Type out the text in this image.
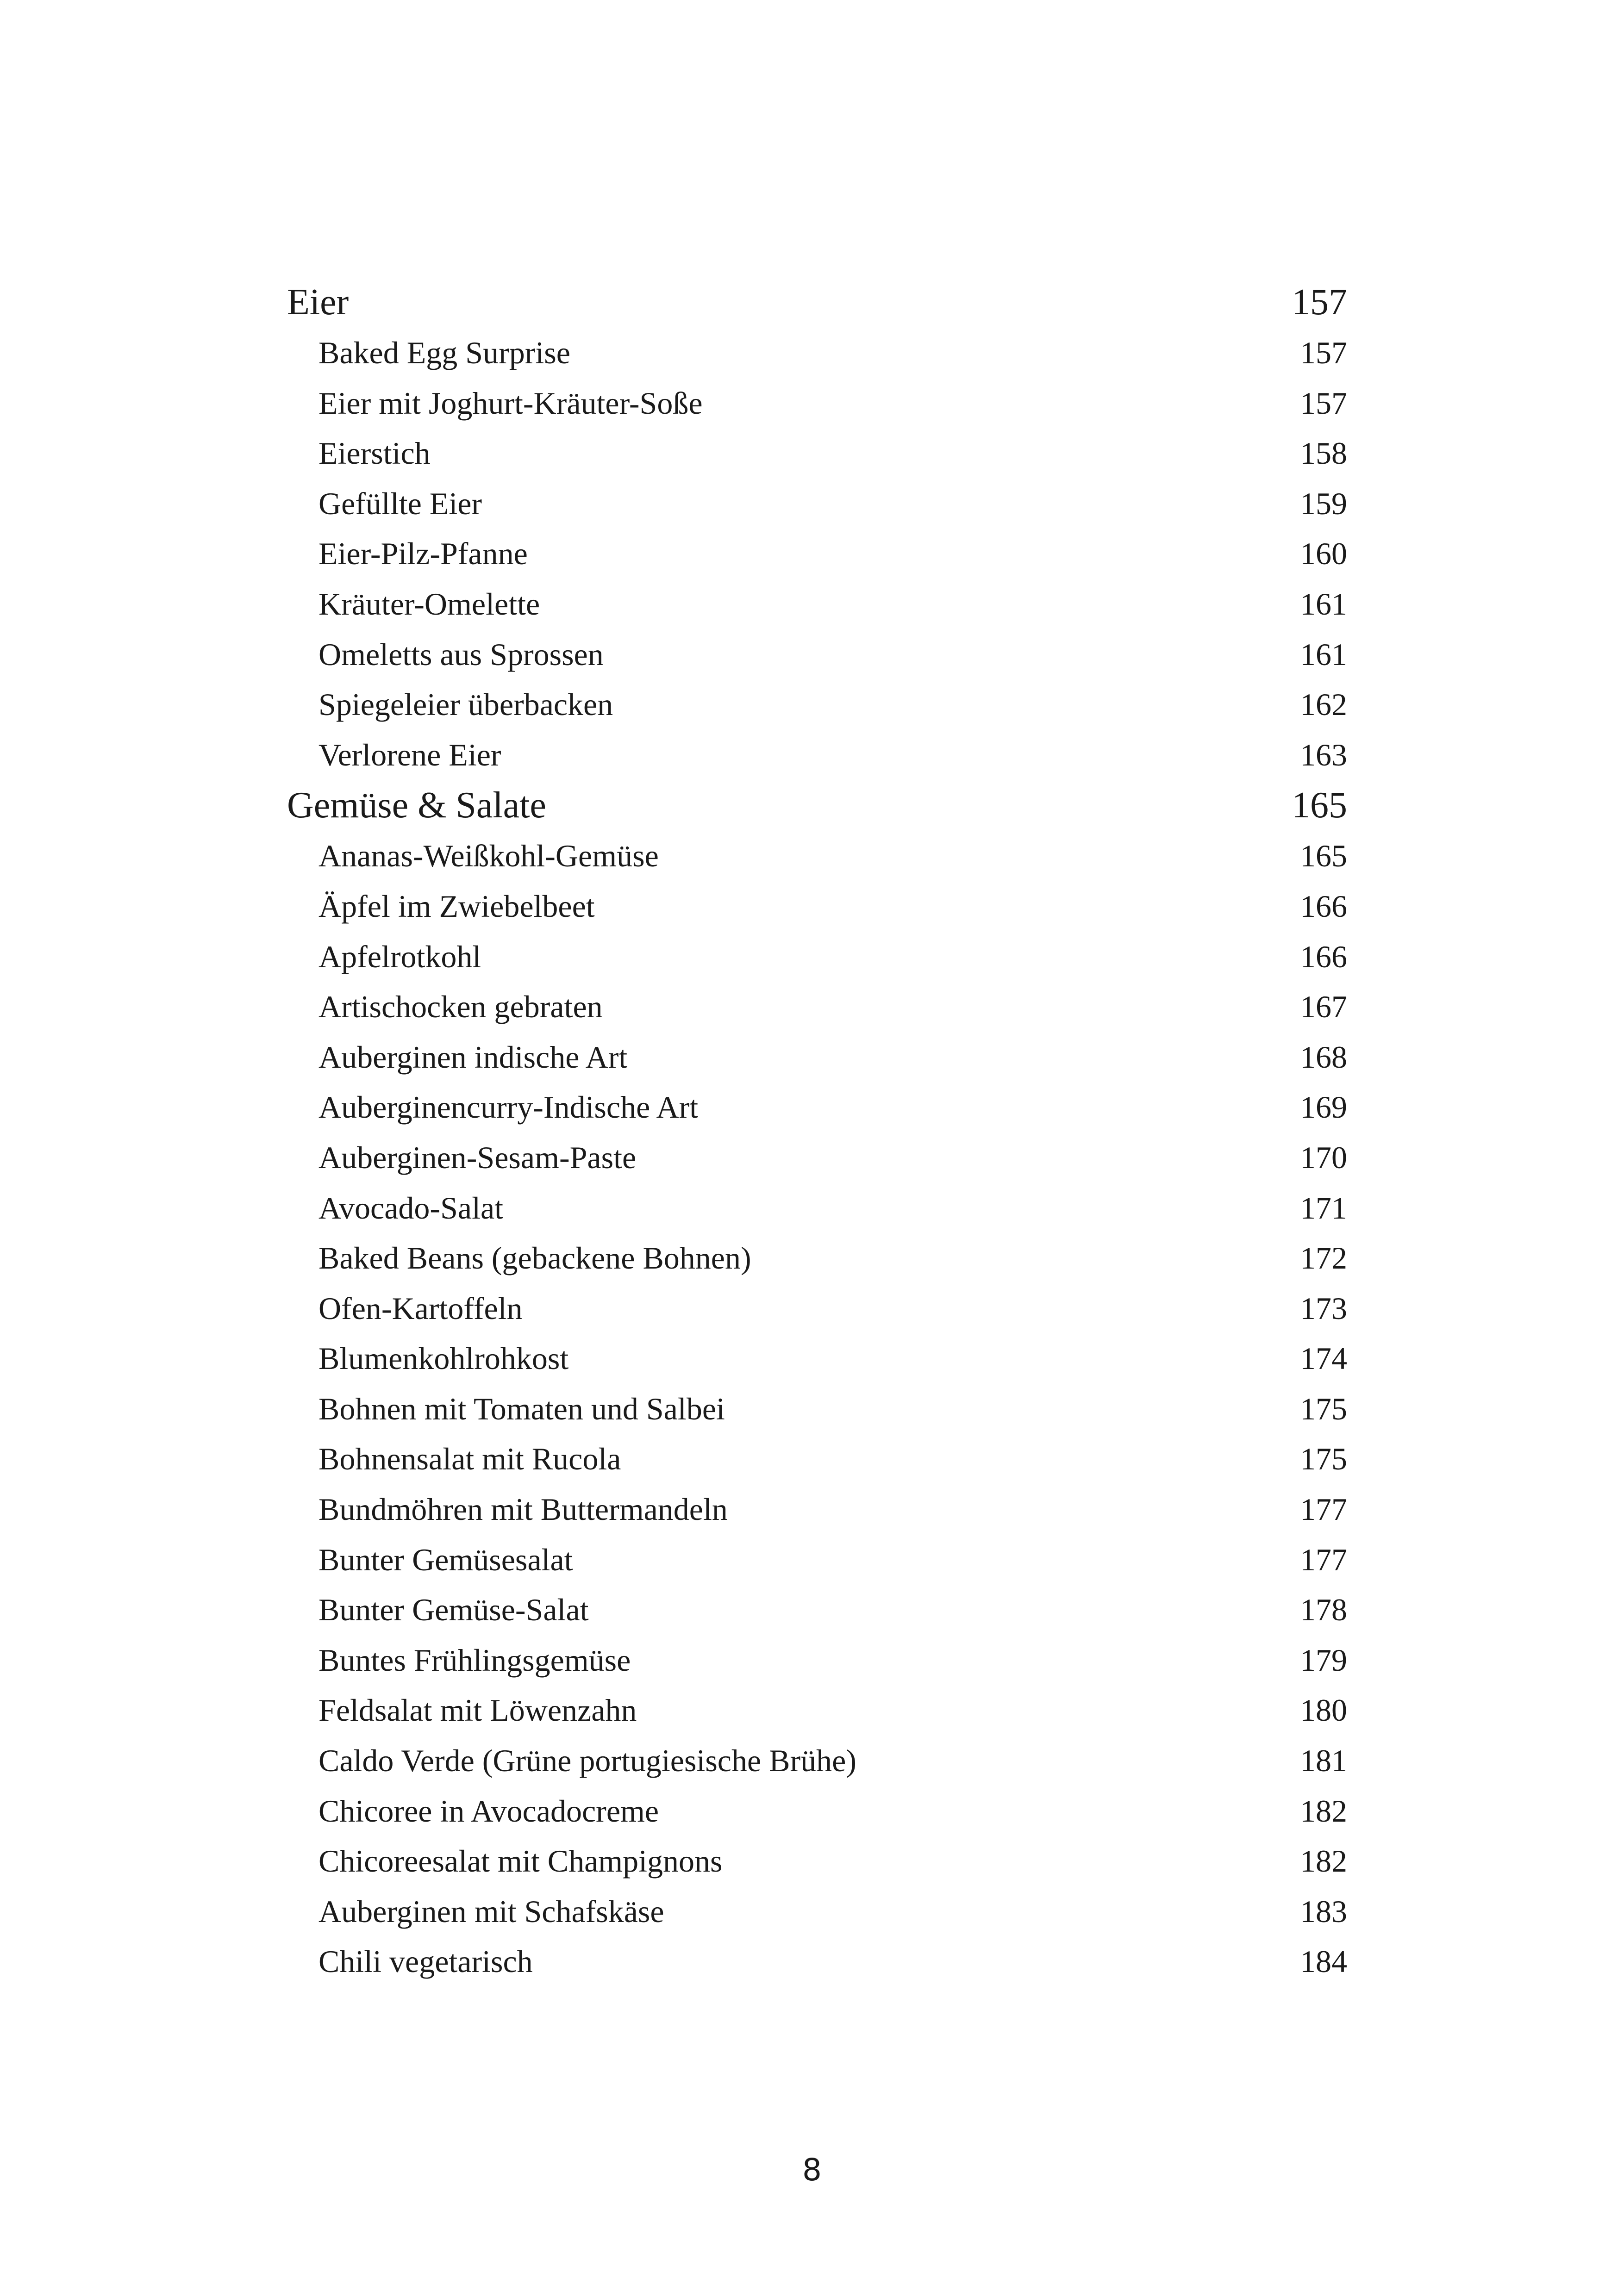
Eier	157
Baked Egg Surprise	157
Eier mit Joghurt-Kräuter-Soße	157
Eierstich	158
Gefüllte Eier	159
Eier-Pilz-Pfanne	160
Kräuter-Omelette	161
Omeletts aus Sprossen	161
Spiegeleier überbacken	162
Verlorene Eier	163
Gemüse & Salate	165
Ananas-Weißkohl-Gemüse	165
Äpfel im Zwiebelbeet	166
Apfelrotkohl	166
Artischocken gebraten	167
Auberginen indische Art	168
Auberginencurry-Indische Art	169
Auberginen-Sesam-Paste	170
Avocado-Salat	171
Baked Beans (gebackene Bohnen)	172
Ofen-Kartoffeln	173
Blumenkohlrohkost	174
Bohnen mit Tomaten und Salbei	175
Bohnensalat mit Rucola	175
Bundmöhren mit Buttermandeln	177
Bunter Gemüsesalat	177
Bunter Gemüse-Salat	178
Buntes Frühlingsgemüse	179
Feldsalat mit Löwenzahn	180
Caldo Verde (Grüne portugiesische Brühe)	181
Chicoree in Avocadocreme	182
Chicoreesalat mit Champignons	182
Auberginen mit Schafskäse	183
Chili vegetarisch	184
8
